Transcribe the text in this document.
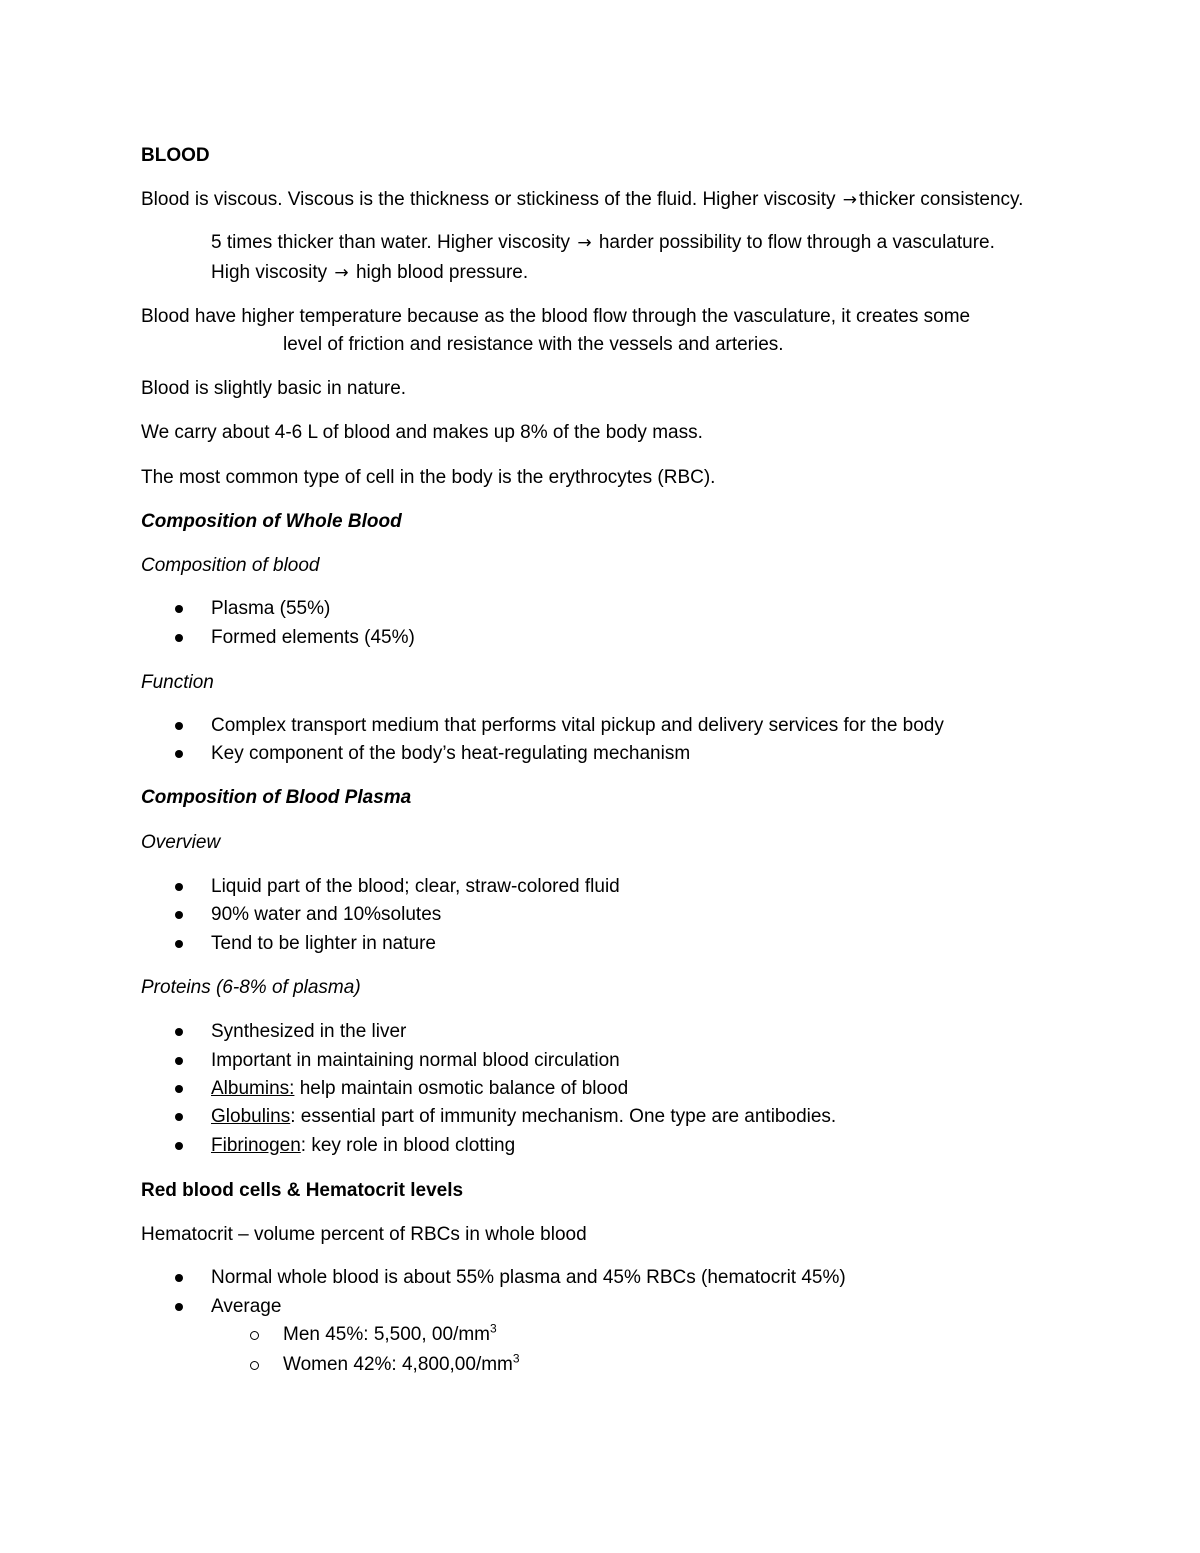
BLOOD
Blood is viscous. Viscous is the thickness or stickiness of the fluid. Higher viscosity → thicker consistency.
5 times thicker than water. Higher viscosity → harder possibility to flow through a vasculature.
High viscosity → high blood pressure.
Blood have higher temperature because as the blood flow through the vasculature, it creates some
level of friction and resistance with the vessels and arteries.
Blood is slightly basic in nature.
We carry about 4-6 L of blood and makes up 8% of the body mass.
The most common type of cell in the body is the erythrocytes (RBC).
Composition of Whole Blood
Composition of blood
Plasma (55%)
Formed elements (45%)
Function
Complex transport medium that performs vital pickup and delivery services for the body
Key component of the body’s heat-regulating mechanism
Composition of Blood Plasma
Overview
Liquid part of the blood; clear, straw-colored fluid
90% water and 10%solutes
Tend to be lighter in nature
Proteins (6-8% of plasma)
Synthesized in the liver
Important in maintaining normal blood circulation
Albumins: help maintain osmotic balance of blood
Globulins: essential part of immunity mechanism. One type are antibodies.
Fibrinogen: key role in blood clotting
Red blood cells & Hematocrit levels
Hematocrit – volume percent of RBCs in whole blood
Normal whole blood is about 55% plasma and 45% RBCs (hematocrit 45%)
Average
Men 45%: 5,500, $00/mm^3$
Women 42%: $4,800,00/mm^3$
